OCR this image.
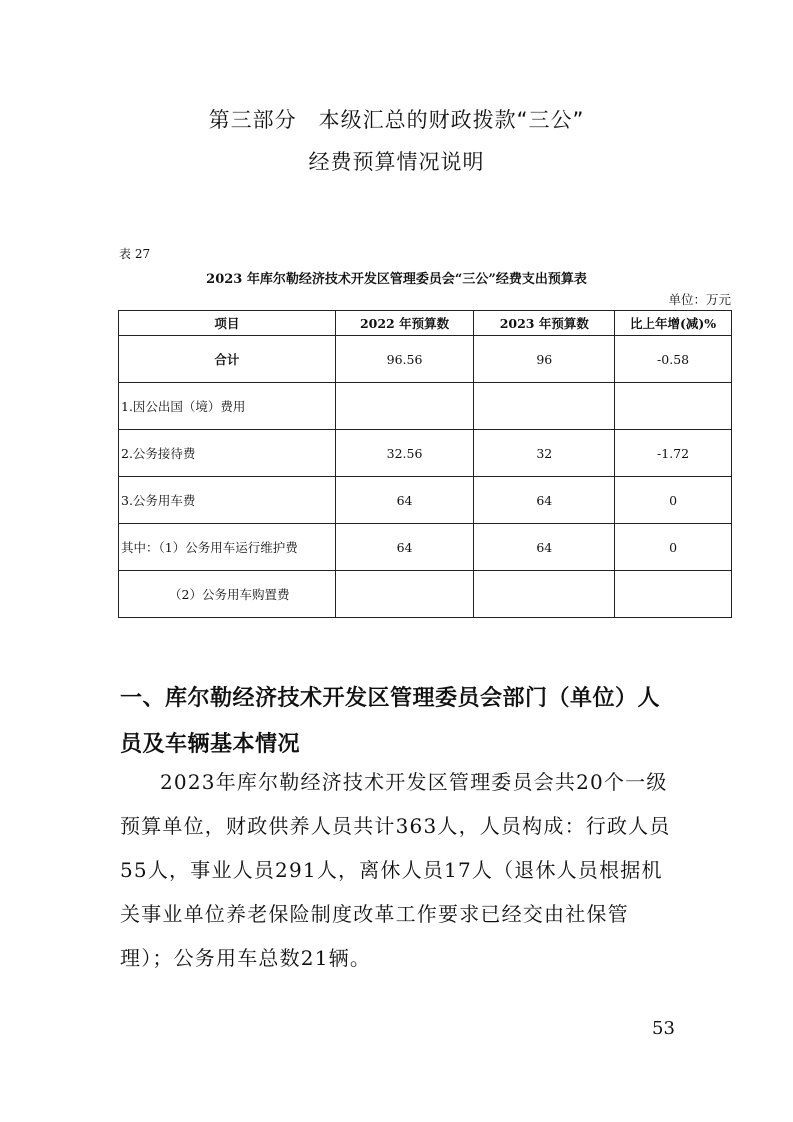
第三部分　本级汇总的财政拨款“三公”
经费预算情况说明
表 27
2023 年库尔勒经济技术开发区管理委员会“三公”经费支出预算表
单位：万元
项目	2022 年预算数	2023 年预算数	比上年增(减)%
合计	96.56	96	-0.58
1.因公出国（境）费用			
2.公务接待费	32.56	32	-1.72
3.公务用车费	64	64	0
其中：（1）公务用车运行维护费	64	64	0
（2）公务用车购置费			
一、库尔勒经济技术开发区管理委员会部门（单位）人员及车辆基本情况
2023年库尔勒经济技术开发区管理委员会共20个一级预算单位，财政供养人员共计363人，人员构成：行政人员55人，事业人员291人，离休人员17人（退休人员根据机关事业单位养老保险制度改革工作要求已经交由社保管理）；公务用车总数21辆。
53
